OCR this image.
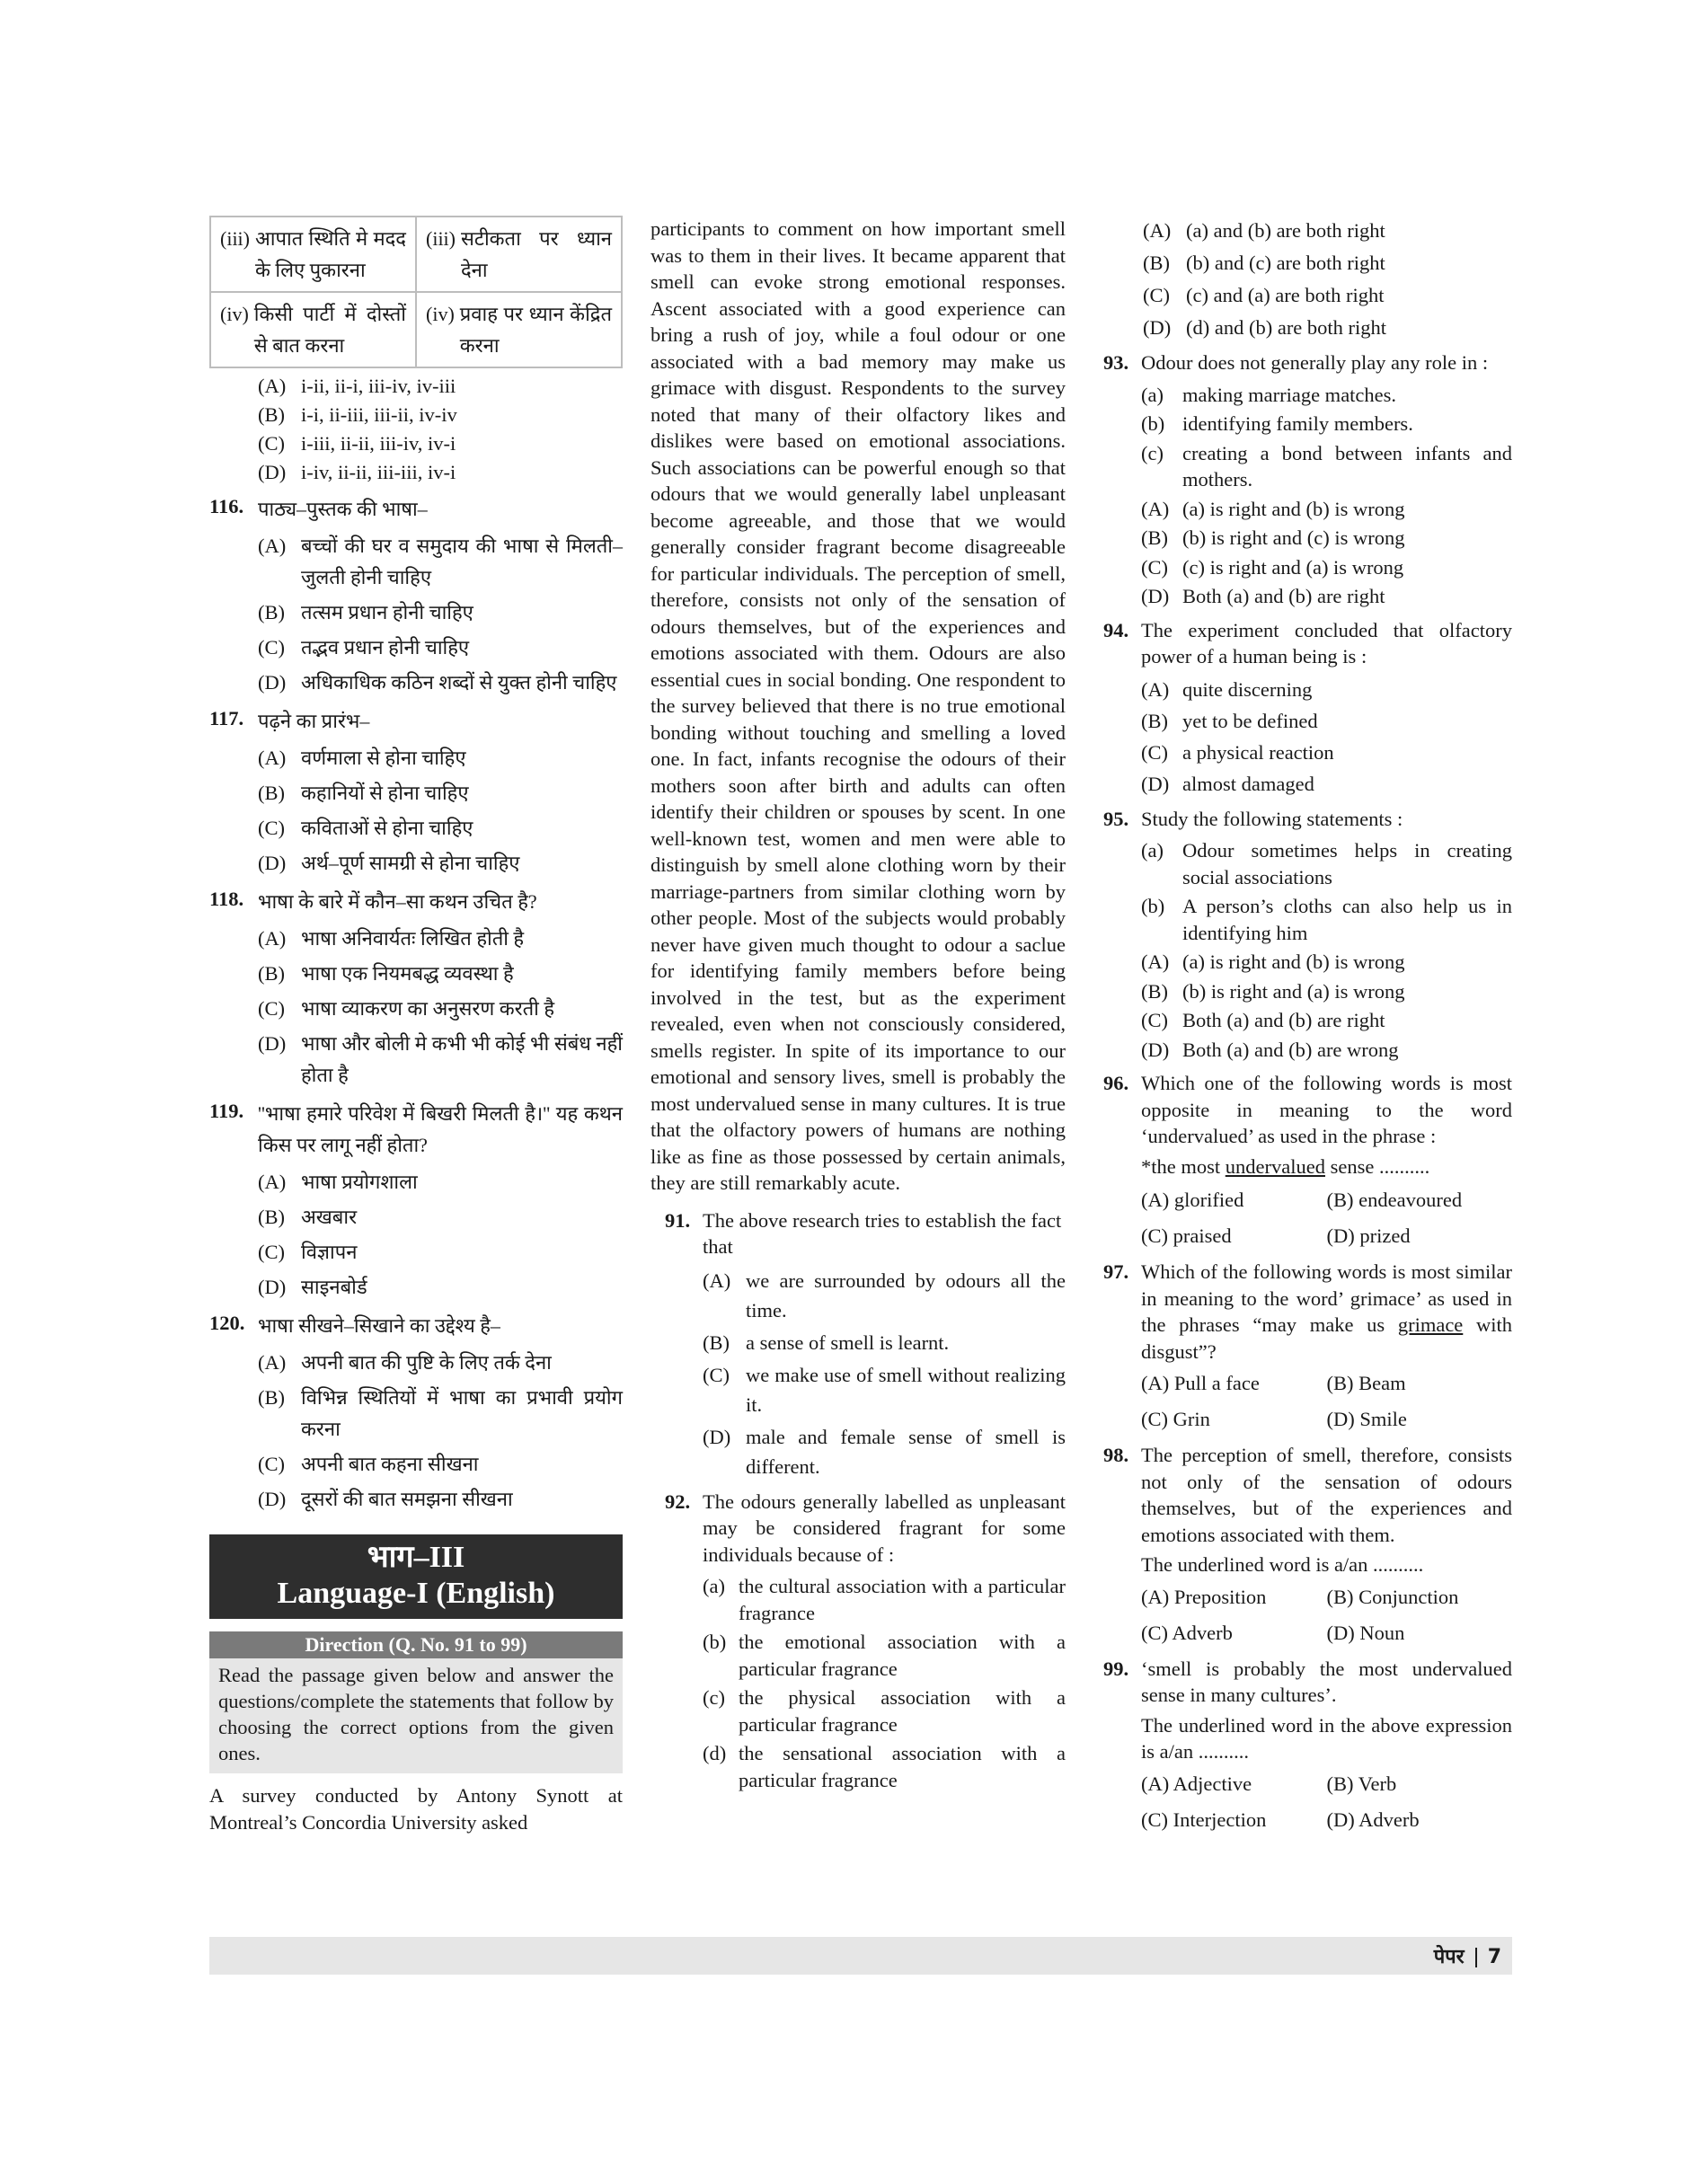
(iii) आपात स्थिति मे मदद के लिए पुकारना	(iii) सटीकता पर ध्यान देना

(iv) किसी पार्टी में दोस्तों से बात करना	(iv) प्रवाह पर ध्यान केंद्रित करना
(A) i-ii, ii-i, iii-iv, iv-iii
(B) i-i, ii-iii, iii-ii, iv-iv
(C) i-iii, ii-ii, iii-iv, iv-i
(D) i-iv, ii-ii, iii-iii, iv-i
116. पाठ्य–पुस्तक की भाषा–
(A) बच्चों की घर व समुदाय की भाषा से मिलती–जुलती होनी चाहिए
(B) तत्सम प्रधान होनी चाहिए
(C) तद्भव प्रधान होनी चाहिए
(D) अधिकाधिक कठिन शब्दों से युक्त होनी चाहिए
117. पढ़ने का प्रारंभ–
(A) वर्णमाला से होना चाहिए
(B) कहानियों से होना चाहिए
(C) कविताओं से होना चाहिए
(D) अर्थ–पूर्ण सामग्री से होना चाहिए
118. भाषा के बारे में कौन–सा कथन उचित है?
(A) भाषा अनिवार्यतः लिखित होती है
(B) भाषा एक नियमबद्ध व्यवस्था है
(C) भाषा व्याकरण का अनुसरण करती है
(D) भाषा और बोली मे कभी भी कोई भी संबंध नहीं होता है
119. ''भाषा हमारे परिवेश में बिखरी मिलती है।'' यह कथन किस पर लागू नहीं होता?
(A) भाषा प्रयोगशाला
(B) अखबार
(C) विज्ञापन
(D) साइनबोर्ड
120. भाषा सीखने–सिखाने का उद्देश्य है–
(A) अपनी बात की पुष्टि के लिए तर्क देना
(B) विभिन्न स्थितियों में भाषा का प्रभावी प्रयोग करना
(C) अपनी बात कहना सीखना
(D) दूसरों की बात समझना सीखना
भाग–III
Language-I (English)
Direction (Q. No. 91 to 99)
Read the passage given below and answer the questions/complete the statements that follow by choosing the correct options from the given ones.
A survey conducted by Antony Synott at Montreal’s Concordia University asked
participants to comment on how important smell was to them in their lives. It became apparent that smell can evoke strong emotional responses. Ascent associated with a good experience can bring a rush of joy, while a foul odour or one associated with a bad memory may make us grimace with disgust. Respondents to the survey noted that many of their olfactory likes and dislikes were based on emotional associations. Such associations can be powerful enough so that odours that we would generally label unpleasant become agreeable, and those that we would generally consider fragrant become disagreeable for particular individuals. The perception of smell, therefore, consists not only of the sensation of odours themselves, but of the experiences and emotions associated with them. Odours are also essential cues in social bonding. One respondent to the survey believed that there is no true emotional bonding without touching and smelling a loved one. In fact, infants recognise the odours of their mothers soon after birth and adults can often identify their children or spouses by scent. In one well-known test, women and men were able to distinguish by smell alone clothing worn by their marriage-partners from similar clothing worn by other people. Most of the subjects would probably never have given much thought to odour a saclue for identifying family members before being involved in the test, but as the experiment revealed, even when not consciously considered, smells register. In spite of its importance to our emotional and sensory lives, smell is probably the most undervalued sense in many cultures. It is true that the olfactory powers of humans are nothing like as fine as those possessed by certain animals, they are still remarkably acute.
91. The above research tries to establish the fact that
(A) we are surrounded by odours all the time.
(B) a sense of smell is learnt.
(C) we make use of smell without realizing it.
(D) male and female sense of smell is different.
92. The odours generally labelled as unpleasant may be considered fragrant for some individuals because of :
(a) the cultural association with a particular fragrance
(b) the emotional association with a particular fragrance
(c) the physical association with a particular fragrance
(d) the sensational association with a particular fragrance
(A) (a) and (b) are both right
(B) (b) and (c) are both right
(C) (c) and (a) are both right
(D) (d) and (b) are both right
93. Odour does not generally play any role in :
(a) making marriage matches.
(b) identifying family members.
(c) creating a bond between infants and mothers.
(A) (a) is right and (b) is wrong
(B) (b) is right and (c) is wrong
(C) (c) is right and (a) is wrong
(D) Both (a) and (b) are right
94. The experiment concluded that olfactory power of a human being is :
(A) quite discerning
(B) yet to be defined
(C) a physical reaction
(D) almost damaged
95. Study the following statements :
(a) Odour sometimes helps in creating social associations
(b) A person’s cloths can also help us in identifying him
(A) (a) is right and (b) is wrong
(B) (b) is right and (a) is wrong
(C) Both (a) and (b) are right
(D) Both (a) and (b) are wrong
96. Which one of the following words is most opposite in meaning to the word ‘undervalued’ as used in the phrase :
*the most undervalued sense ..........
(A) glorified	(B) endeavoured
(C) praised	(D) prized
97. Which of the following words is most similar in meaning to the word’ grimace’ as used in the phrases “may make us grimace with disgust”?
(A) Pull a face	(B) Beam
(C) Grin	(D) Smile
98. The perception of smell, therefore, consists not only of the sensation of odours themselves, but of the experiences and emotions associated with them.
The underlined word is a/an ..........
(A) Preposition	(B) Conjunction
(C) Adverb	(D) Noun
99. ‘smell is probably the most undervalued sense in many cultures’.
The underlined word in the above expression is a/an ..........
(A) Adjective	(B) Verb
(C) Interjection	(D) Adverb
पेपर 7
